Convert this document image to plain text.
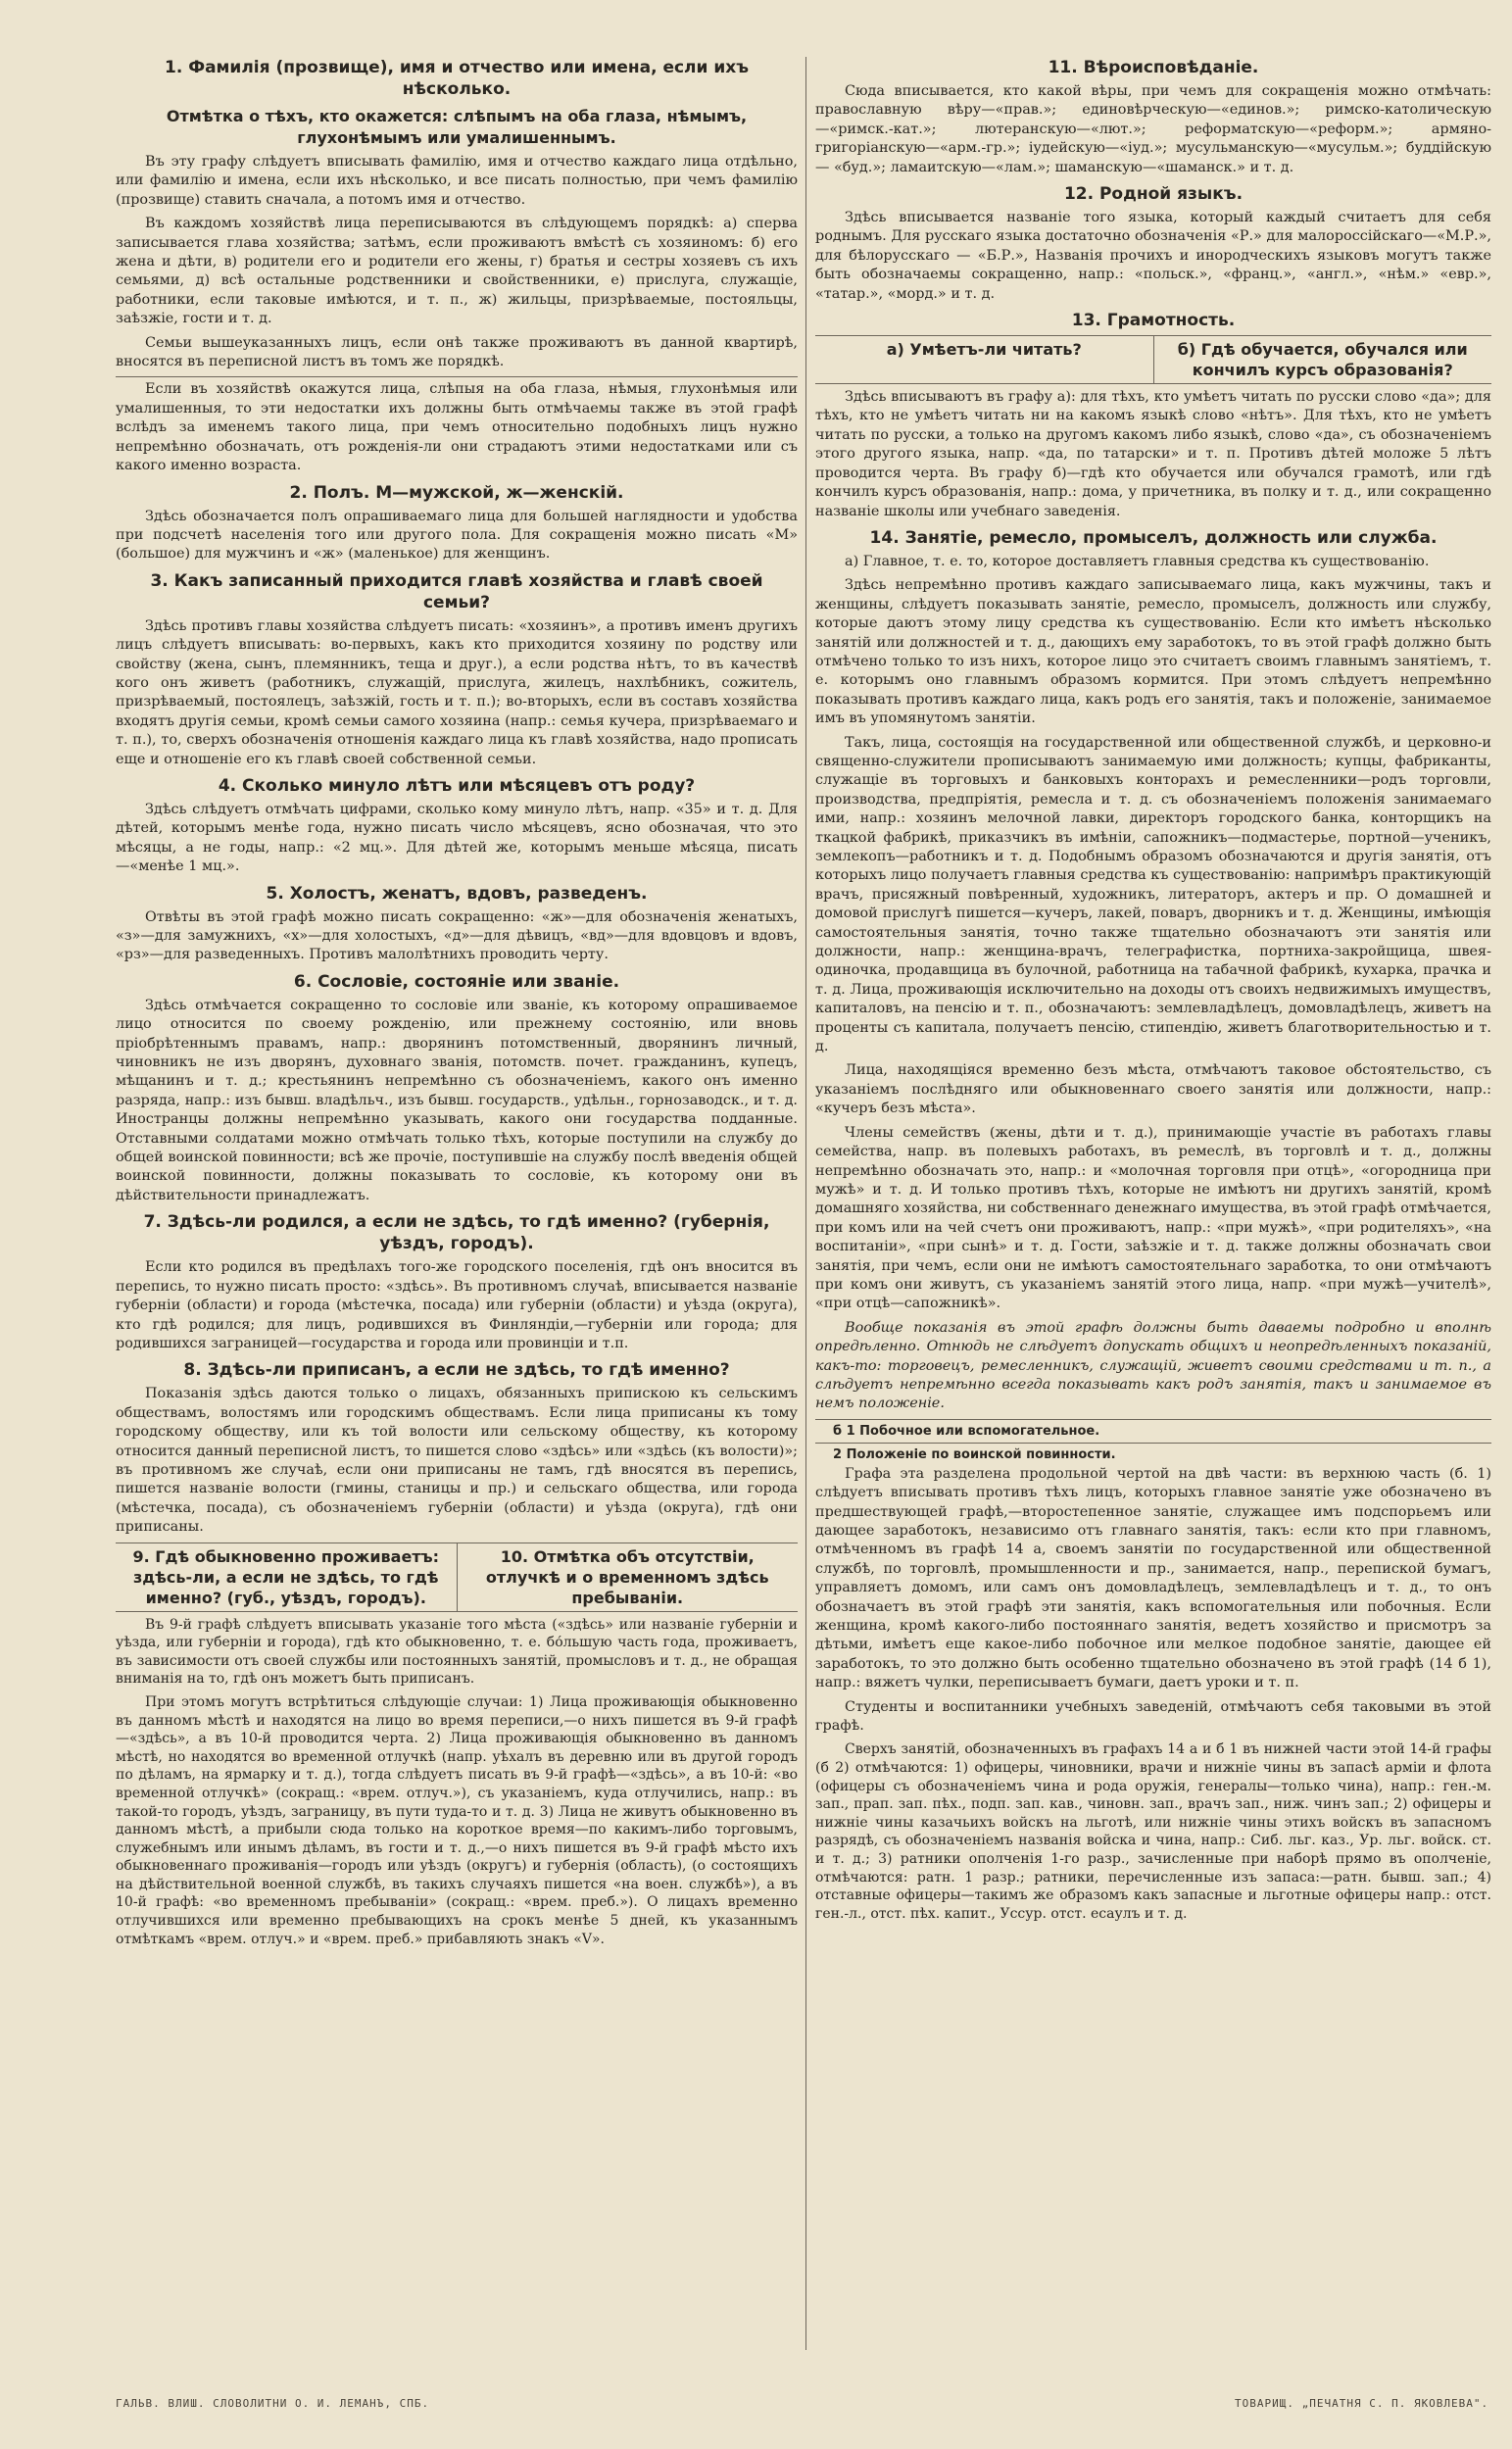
1. Фамилія (прозвище), имя и отчество или имена, если ихъ нѣсколько.
Отмѣтка о тѣхъ, кто окажется: слѣпымъ на оба глаза, нѣмымъ, глухонѣмымъ или умалишеннымъ.

Въ эту графу слѣдуетъ вписывать фамилію, имя и отчество каждаго лица отдѣльно, или фамилію и имена, если ихъ нѣсколько, и все писать полностью, при чемъ фамилію (прозвище) ставить сначала, а потомъ имя и отчество.

Въ каждомъ хозяйствѣ лица переписываются въ слѣдующемъ порядкѣ: а) сперва записывается глава хозяйства; затѣмъ, если проживаютъ вмѣстѣ съ хозяиномъ: б) его жена и дѣти, в) родители его и родители его жены, г) братья и сестры хозяевъ съ ихъ семьями, д) всѣ остальные родственники и свойственники, е) прислуга, служащіе, работники, если таковые имѣются, и т. п., ж) жильцы, призрѣваемые, постояльцы, заѣзжіе, гости и т. д.

Семьи вышеуказанныхъ лицъ, если онѣ также проживаютъ въ данной квартирѣ, вносятся въ переписной листъ въ томъ же порядкѣ.

Если въ хозяйствѣ окажутся лица, слѣпыя на оба глаза, нѣмыя, глухонѣмыя или умалишенныя, то эти недостатки ихъ должны быть отмѣчаемы также въ этой графѣ вслѣдъ за именемъ такого лица, при чемъ относительно подобныхъ лицъ нужно непремѣнно обозначать, отъ рожденія-ли они страдаютъ этими недостатками или съ какого именно возраста.

2. Полъ. М—мужской, ж—женскій.

Здѣсь обозначается полъ опрашиваемаго лица для большей наглядности и удобства при подсчетѣ населенія того или другого пола. Для сокращенія можно писать «М» (большое) для мужчинъ и «ж» (маленькое) для женщинъ.

3. Какъ записанный приходится главѣ хозяйства и главѣ своей семьи?

Здѣсь противъ главы хозяйства слѣдуетъ писать: «хозяинъ», а противъ именъ другихъ лицъ слѣдуетъ вписывать: во-первыхъ, какъ кто приходится хозяину по родству или свойству (жена, сынъ, племянникъ, теща и друг.), а если родства нѣтъ, то въ качествѣ кого онъ живетъ (работникъ, служащій, прислуга, жилецъ, нахлѣбникъ, сожитель, призрѣваемый, постоялецъ, заѣзжій, гость и т. п.); во-вторыхъ, если въ составъ хозяйства входятъ другія семьи, кромѣ семьи самого хозяина (напр.: семья кучера, призрѣваемаго и т. п.), то, сверхъ обозначенія отношенія каждаго лица къ главѣ хозяйства, надо прописать еще и отношеніе его къ главѣ своей собственной семьи.

4. Сколько минуло лѣтъ или мѣсяцевъ отъ роду?

Здѣсь слѣдуетъ отмѣчать цифрами, сколько кому минуло лѣтъ, напр. «35» и т. д. Для дѣтей, которымъ менѣе года, нужно писать число мѣсяцевъ, ясно обозначая, что это мѣсяцы, а не годы, напр.: «2 мц.». Для дѣтей же, которымъ меньше мѣсяца, писать—«менѣе 1 мц.».

5. Холостъ, женатъ, вдовъ, разведенъ.

Отвѣты въ этой графѣ можно писать сокращенно: «ж»—для обозначенія женатыхъ, «з»—для замужнихъ, «х»—для холостыхъ, «д»—для дѣвицъ, «вд»—для вдовцовъ и вдовъ, «рз»—для разведенныхъ. Противъ малолѣтнихъ проводить черту.

6. Сословіе, состояніе или званіе.

Здѣсь отмѣчается сокращенно то сословіе или званіе, къ которому опрашиваемое лицо относится по своему рожденію, или прежнему состоянію, или вновь пріобрѣтеннымъ правамъ, напр.: дворянинъ потомственный, дворянинъ личный, чиновникъ не изъ дворянъ, духовнаго званія, потомств. почет. гражданинъ, купецъ, мѣщанинъ и т. д.; крестьянинъ непремѣнно съ обозначеніемъ, какого онъ именно разряда, напр.: изъ бывш. владѣльч., изъ бывш. государств., удѣльн., горнозаводск., и т. д. Иностранцы должны непремѣнно указывать, какого они государства подданные. Отставными солдатами можно отмѣчать только тѣхъ, которые поступили на службу до общей воинской повинности; всѣ же прочіе, поступившіе на службу послѣ введенія общей воинской повинности, должны показывать то сословіе, къ которому они въ дѣйствительности принадлежатъ.

7. Здѣсь-ли родился, а если не здѣсь, то гдѣ именно? (губернія, уѣздъ, городъ).

Если кто родился въ предѣлахъ того-же городского поселенія, гдѣ онъ вносится въ перепись, то нужно писать просто: «здѣсь». Въ противномъ случаѣ, вписывается названіе губерніи (области) и города (мѣстечка, посада) или губерніи (области) и уѣзда (округа), кто гдѣ родился; для лицъ, родившихся въ Финляндіи,—губерніи или города; для родившихся заграницей—государства и города или провинціи и т.п.

8. Здѣсь-ли приписанъ, а если не здѣсь, то гдѣ именно?

Показанія здѣсь даются только о лицахъ, обязанныхъ припискою къ сельскимъ обществамъ, волостямъ или городскимъ обществамъ. Если лица приписаны къ тому городскому обществу, или къ той волости или сельскому обществу, къ которому относится данный переписной листъ, то пишется слово «здѣсь» или «здѣсь (къ волости)»; въ противномъ же случаѣ, если они приписаны не тамъ, гдѣ вносятся въ перепись, пишется названіе волости (гмины, станицы и пр.) и сельскаго общества, или города (мѣстечка, посада), съ обозначеніемъ губерніи (области) и уѣзда (округа), гдѣ они приписаны.

9. Гдѣ обыкновенно проживаетъ: здѣсь-ли, а если не здѣсь, то гдѣ именно? (губ., уѣздъ, городъ).
10. Отмѣтка объ отсутствіи, отлучкѣ и о временномъ здѣсь пребываніи.

Въ 9-й графѣ слѣдуетъ вписывать указаніе того мѣста («здѣсь» или названіе губерніи и уѣзда, или губерніи и города), гдѣ кто обыкновенно, т. е. бо́льшую часть года, проживаетъ, въ зависимости отъ своей службы или постоянныхъ занятій, промысловъ и т. д., не обращая вниманія на то, гдѣ онъ можетъ быть приписанъ.

При этомъ могутъ встрѣтиться слѣдующіе случаи: 1) Лица проживающія обыкновенно въ данномъ мѣстѣ и находятся на лицо во время переписи,—о нихъ пишется въ 9-й графѣ—«здѣсь», а въ 10-й проводится черта. 2) Лица проживающія обыкновенно въ данномъ мѣстѣ, но находятся во временной отлучкѣ (напр. уѣхалъ въ деревню или въ другой городъ по дѣламъ, на ярмарку и т. д.), тогда слѣдуетъ писать въ 9-й графѣ—«здѣсь», а въ 10-й: «во временной отлучкѣ» (сокращ.: «врем. отлуч.»), съ указаніемъ, куда отлучились, напр.: въ такой-то городъ, уѣздъ, заграницу, въ пути туда-то и т. д. 3) Лица не живутъ обыкновенно въ данномъ мѣстѣ, а прибыли сюда только на короткое время—по какимъ-либо торговымъ, служебнымъ или инымъ дѣламъ, въ гости и т. д.,—о нихъ пишется въ 9-й графѣ мѣсто ихъ обыкновеннаго проживанія—городъ или уѣздъ (округъ) и губернія (область), (о состоящихъ на дѣйствительной военной службѣ, въ такихъ случаяхъ пишется «на воен. службѣ»), а въ 10-й графѣ: «во временномъ пребываніи» (сокращ.: «врем. преб.»). О лицахъ временно отлучившихся или временно пребывающихъ на срокъ менѣе 5 дней, къ указаннымъ отмѣткамъ «врем. отлуч.» и «врем. преб.» прибавляють знакъ «V».

11. Вѣроисповѣданіе.

Сюда вписывается, кто какой вѣры, при чемъ для сокращенія можно отмѣчать: православную вѣру—«прав.»; единовѣрческую—«единов.»; римско-католическую—«римск.-кат.»; лютеранскую—«лют.»; реформатскую—«реформ.»; армяно-григоріанскую—«арм.-гр.»; іудейскую—«іуд.»; мусульманскую—«мусульм.»; буддійскую — «буд.»; ламаитскую—«лам.»; шаманскую—«шаманск.» и т. д.

12. Родной языкъ.

Здѣсь вписывается названіе того языка, который каждый считаетъ для себя роднымъ. Для русскаго языка достаточно обозначенія «Р.» для малороссійскаго—«М.Р.», для бѣлорусскаго — «Б.Р.», Названія прочихъ и инородческихъ языковъ могутъ также быть обозначаемы сокращенно, напр.: «польск.», «франц.», «англ.», «нѣм.» «евр.», «татар.», «морд.» и т. д.

13. Грамотность.
а) Умѣетъ-ли читать?	б) Гдѣ обучается, обучался или кончилъ курсъ образованія?

Здѣсь вписываютъ въ графу а): для тѣхъ, кто умѣетъ читать по русски слово «да»; для тѣхъ, кто не умѣетъ читать ни на какомъ языкѣ слово «нѣтъ». Для тѣхъ, кто не умѣетъ читать по русски, а только на другомъ какомъ либо языкѣ, слово «да», съ обозначеніемъ этого другого языка, напр. «да, по татарски» и т. п. Противъ дѣтей моложе 5 лѣтъ проводится черта. Въ графу б)—гдѣ кто обучается или обучался грамотѣ, или гдѣ кончилъ курсъ образованія, напр.: дома, у причетника, въ полку и т. д., или сокращенно названіе школы или учебнаго заведенія.

14. Занятіе, ремесло, промыселъ, должность или служба.

а) Главное, т. е. то, которое доставляетъ главныя средства къ существованію.

Здѣсь непремѣнно противъ каждаго записываемаго лица, какъ мужчины, такъ и женщины, слѣдуетъ показывать занятіе, ремесло, промыселъ, должность или службу, которые даютъ этому лицу средства къ существованію. Если кто имѣетъ нѣсколько занятій или должностей и т. д., дающихъ ему заработокъ, то въ этой графѣ должно быть отмѣчено только то изъ нихъ, которое лицо это считаетъ своимъ главнымъ занятіемъ, т. е. которымъ оно главнымъ образомъ кормится. При этомъ слѣдуетъ непремѣнно показывать противъ каждаго лица, какъ родъ его занятія, такъ и положеніе, занимаемое имъ въ упомянутомъ занятіи.

Такъ, лица, состоящія на государственной или общественной службѣ, и церковно-и священно-служители прописываютъ занимаемую ими должность; купцы, фабриканты, служащіе въ торговыхъ и банковыхъ конторахъ и ремесленники—родъ торговли, производства, предпріятія, ремесла и т. д. съ обозначеніемъ положенія занимаемаго ими, напр.: хозяинъ мелочной лавки, директоръ городского банка, конторщикъ на ткацкой фабрикѣ, приказчикъ въ имѣніи, сапожникъ—подмастерье, портной—ученикъ, землекопъ—работникъ и т. д. Подобнымъ образомъ обозначаются и другія занятія, отъ которыхъ лицо получаетъ главныя средства къ существованію: напримѣръ практикующій врачъ, присяжный повѣренный, художникъ, литераторъ, актеръ и пр. О домашней и домовой прислугѣ пишется—кучеръ, лакей, поваръ, дворникъ и т. д. Женщины, имѣющія самостоятельныя занятія, точно также тщательно обозначаютъ эти занятія или должности, напр.: женщина-врачъ, телеграфистка, портниха-закройщица, швея-одиночка, продавщица въ булочной, работница на табачной фабрикѣ, кухарка, прачка и т. д. Лица, проживающія исключительно на доходы отъ своихъ недвижимыхъ имуществъ, капиталовъ, на пенсію и т. п., обозначаютъ: землевладѣлецъ, домовладѣлецъ, живетъ на проценты съ капитала, получаетъ пенсію, стипендію, живетъ благотворительностью и т. д.

Лица, находящіяся временно безъ мѣста, отмѣчаютъ таковое обстоятельство, съ указаніемъ послѣдняго или обыкновеннаго своего занятія или должности, напр.: «кучеръ безъ мѣста».

Члены семействъ (жены, дѣти и т. д.), принимающіе участіе въ работахъ главы семейства, напр. въ полевыхъ работахъ, въ ремеслѣ, въ торговлѣ и т. д., должны непремѣнно обозначать это, напр.: и «молочная торговля при отцѣ», «огородница при мужѣ» и т. д. И только противъ тѣхъ, которые не имѣютъ ни другихъ занятій, кромѣ домашняго хозяйства, ни собственнаго денежнаго имущества, въ этой графѣ отмѣчается, при комъ или на чей счетъ они проживаютъ, напр.: «при мужѣ», «при родителяхъ», «на воспитаніи», «при сынѣ» и т. д. Гости, заѣзжіе и т. д. также должны обозначать свои занятія, при чемъ, если они не имѣютъ самостоятельнаго заработка, то они отмѣчаютъ при комъ они живутъ, съ указаніемъ занятій этого лица, напр. «при мужѣ—учителѣ», «при отцѣ—сапожникѣ».

Вообще показанія въ этой графѣ должны быть даваемы подробно и вполнѣ опредѣленно. Отнюдь не слѣдуетъ допускать общихъ и неопредѣленныхъ показаній, какъ-то: торговецъ, ремесленникъ, служащій, живетъ своими средствами и т. п., а слѣдуетъ непремѣнно всегда показывать какъ родъ занятія, такъ и занимаемое въ немъ положеніе.

б 1 Побочное или вспомогательное.

2 Положеніе по воинской повинности.

Графа эта разделена продольной чертой на двѣ части: въ верхнюю часть (б. 1) слѣдуетъ вписывать противъ тѣхъ лицъ, которыхъ главное занятіе уже обозначено въ предшествующей графѣ,—второстепенное занятіе, служащее имъ подспорьемъ или дающее заработокъ, независимо отъ главнаго занятія, такъ: если кто при главномъ, отмѣченномъ въ графѣ 14 а, своемъ занятіи по государственной или общественной службѣ, по торговлѣ, промышленности и пр., занимается, напр., перепиской бумагъ, управляетъ домомъ, или самъ онъ домовладѣлецъ, землевладѣлецъ и т. д., то онъ обозначаетъ въ этой графѣ эти занятія, какъ вспомогательныя или побочныя. Если женщина, кромѣ какого-либо постояннаго занятія, ведетъ хозяйство и присмотръ за дѣтьми, имѣетъ еще какое-либо побочное или мелкое подобное занятіе, дающее ей заработокъ, то это должно быть особенно тщательно обозначено въ этой графѣ (14 б 1), напр.: вяжетъ чулки, переписываетъ бумаги, даетъ уроки и т. п.

Студенты и воспитанники учебныхъ заведеній, отмѣчаютъ себя таковыми въ этой графѣ.

Сверхъ занятій, обозначенныхъ въ графахъ 14 а и б 1 въ нижней части этой 14-й графы (б 2) отмѣчаются: 1) офицеры, чиновники, врачи и нижніе чины въ запасѣ арміи и флота (офицеры съ обозначеніемъ чина и рода оружія, генералы—только чина), напр.: ген.-м. зап., прап. зап. пѣх., подп. зап. кав., чиновн. зап., врачъ зап., ниж. чинъ зап.; 2) офицеры и нижніе чины казачьихъ войскъ на льготѣ, или нижніе чины этихъ войскъ въ запасномъ разрядѣ, съ обозначеніемъ названія войска и чина, напр.: Сиб. льг. каз., Ур. льг. войск. ст. и т. д.; 3) ратники ополченія 1-го разр., зачисленные при наборѣ прямо въ ополченіе, отмѣчаются: ратн. 1 разр.; ратники, перечисленные изъ запаса:—ратн. бывш. зап.; 4) отставные офицеры—такимъ же образомъ какъ запасные и льготные офицеры напр.: отст. ген.-л., отст. пѣх. капит., Уссур. отст. есаулъ и т. д.

ГАЛЬВ. ВЛИШ. СЛОВОЛИТНИ О. И. ЛЕМАНЪ, СПБ.	ТОВАРИЩ. „ПЕЧАТНЯ С. П. ЯКОВЛЕВА".
